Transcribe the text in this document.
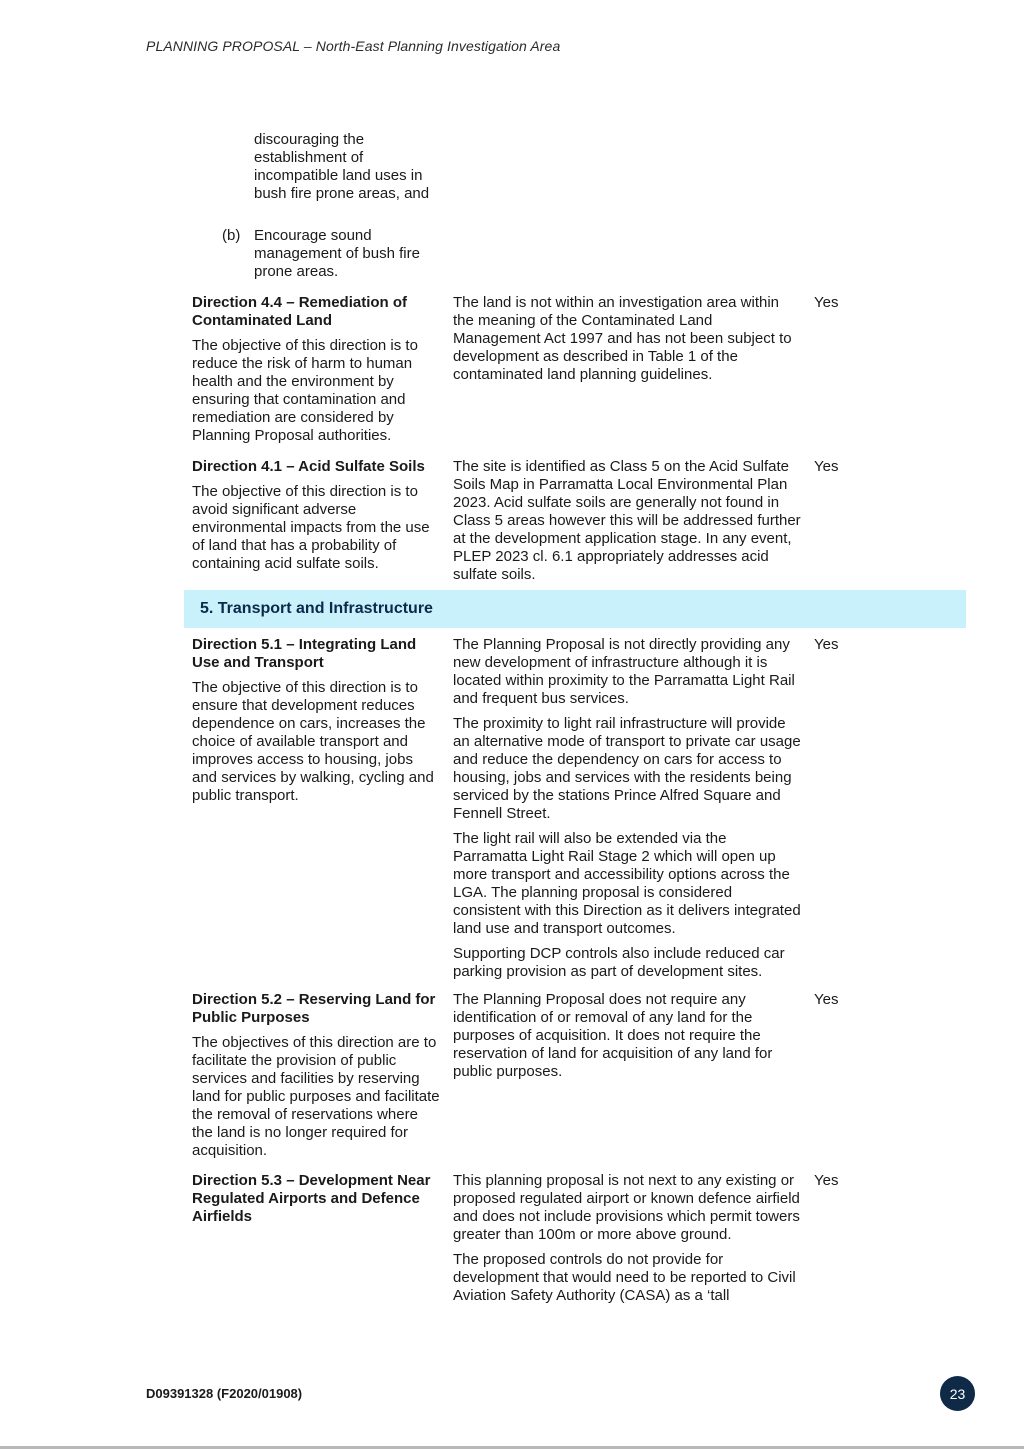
PLANNING PROPOSAL – North-East Planning Investigation Area

discouraging the establishment of incompatible land uses in bush fire prone areas, and

(b) Encourage sound management of bush fire prone areas.

Direction 4.4 – Remediation of Contaminated Land

The objective of this direction is to reduce the risk of harm to human health and the environment by ensuring that contamination and remediation are considered by Planning Proposal authorities.

The land is not within an investigation area within the meaning of the Contaminated Land Management Act 1997 and has not been subject to development as described in Table 1 of the contaminated land planning guidelines.

Yes

Direction 4.1 – Acid Sulfate Soils

The objective of this direction is to avoid significant adverse environmental impacts from the use of land that has a probability of containing acid sulfate soils.

The site is identified as Class 5 on the Acid Sulfate Soils Map in Parramatta Local Environmental Plan 2023. Acid sulfate soils are generally not found in Class 5 areas however this will be addressed further at the development application stage. In any event, PLEP 2023 cl. 6.1 appropriately addresses acid sulfate soils.

Yes
5. Transport and Infrastructure

Direction 5.1 – Integrating Land Use and Transport

The objective of this direction is to ensure that development reduces dependence on cars, increases the choice of available transport and improves access to housing, jobs and services by walking, cycling and public transport.

The Planning Proposal is not directly providing any new development of infrastructure although it is located within proximity to the Parramatta Light Rail and frequent bus services.

The proximity to light rail infrastructure will provide an alternative mode of transport to private car usage and reduce the dependency on cars for access to housing, jobs and services with the residents being serviced by the stations Prince Alfred Square and Fennell Street.

The light rail will also be extended via the Parramatta Light Rail Stage 2 which will open up more transport and accessibility options across the LGA. The planning proposal is considered consistent with this Direction as it delivers integrated land use and transport outcomes.

Supporting DCP controls also include reduced car parking provision as part of development sites.

Yes

Direction 5.2 – Reserving Land for Public Purposes

The objectives of this direction are to facilitate the provision of public services and facilities by reserving land for public purposes and facilitate the removal of reservations where the land is no longer required for acquisition.

The Planning Proposal does not require any identification of or removal of any land for the purposes of acquisition. It does not require the reservation of land for acquisition of any land for public purposes.

Yes

Direction 5.3 – Development Near Regulated Airports and Defence Airfields

This planning proposal is not next to any existing or proposed regulated airport or known defence airfield and does not include provisions which permit towers greater than 100m or more above ground.

The proposed controls do not provide for development that would need to be reported to Civil Aviation Safety Authority (CASA) as a ‘tall

Yes
D09391328 (F2020/01908)	23
